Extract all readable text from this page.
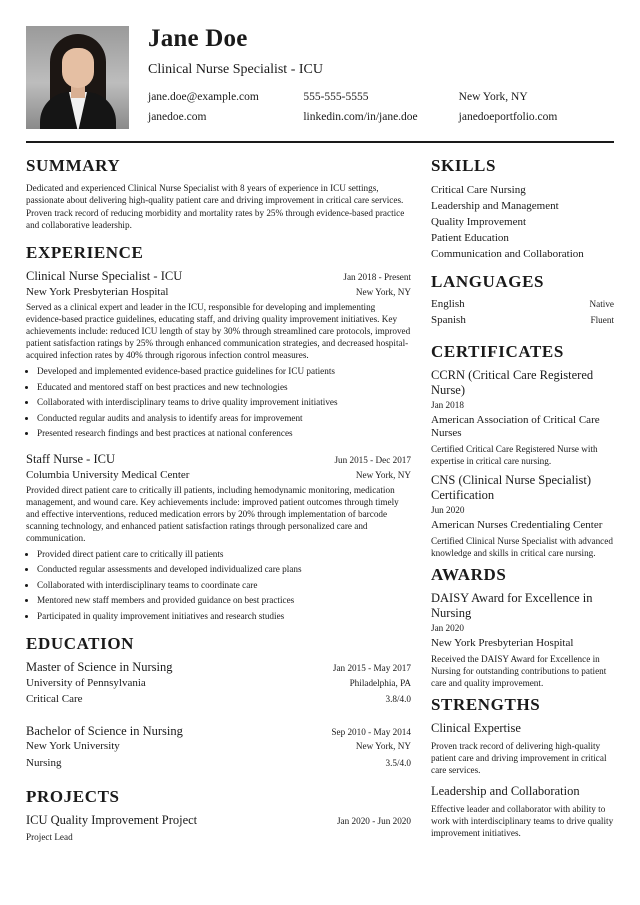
Jane Doe
Clinical Nurse Specialist - ICU
jane.doe@example.com	555-555-5555	New York, NY
janedoe.com	linkedin.com/in/jane.doe	janedoeportfolio.com
SUMMARY

Dedicated and experienced Clinical Nurse Specialist with 8 years of experience in ICU settings, passionate about delivering high-quality patient care and driving improvement in critical care services. Proven track record of reducing morbidity and mortality rates by 25% through evidence-based practice and collaborative leadership.

EXPERIENCE
Clinical Nurse Specialist - ICU	Jan 2018 - Present
New York Presbyterian Hospital	New York, NY

Served as a clinical expert and leader in the ICU, responsible for developing and implementing evidence-based practice guidelines, educating staff, and driving quality improvement initiatives. Key achievements include: reduced ICU length of stay by 30% through streamlined care protocols, improved patient satisfaction ratings by 25% through enhanced communication strategies, and decreased hospital-acquired infection rates by 40% through rigorous infection control measures.

• Developed and implemented evidence-based practice guidelines for ICU patients
• Educated and mentored staff on best practices and new technologies
• Collaborated with interdisciplinary teams to drive quality improvement initiatives
• Conducted regular audits and analysis to identify areas for improvement
• Presented research findings and best practices at national conferences
Staff Nurse - ICU	Jun 2015 - Dec 2017
Columbia University Medical Center	New York, NY

Provided direct patient care to critically ill patients, including hemodynamic monitoring, medication management, and wound care. Key achievements include: improved patient outcomes through timely and effective interventions, reduced medication errors by 20% through implementation of barcode scanning technology, and enhanced patient satisfaction ratings through personalized care and communication.

• Provided direct patient care to critically ill patients
• Conducted regular assessments and developed individualized care plans
• Collaborated with interdisciplinary teams to coordinate care
• Mentored new staff members and provided guidance on best practices
• Participated in quality improvement initiatives and research studies
EDUCATION
Master of Science in Nursing	Jan 2015 - May 2017
University of Pennsylvania	Philadelphia, PA
Critical Care	3.8/4.0
Bachelor of Science in Nursing	Sep 2010 - May 2014
New York University	New York, NY
Nursing	3.5/4.0
PROJECTS
ICU Quality Improvement Project	Jan 2020 - Jun 2020
Project Lead
SKILLS
Critical Care Nursing
Leadership and Management
Quality Improvement
Patient Education
Communication and Collaboration
LANGUAGES
English	Native
Spanish	Fluent
CERTIFICATES
CCRN (Critical Care Registered Nurse)
Jan 2018
American Association of Critical Care Nurses
Certified Critical Care Registered Nurse with expertise in critical care nursing.
CNS (Clinical Nurse Specialist) Certification
Jun 2020
American Nurses Credentialing Center
Certified Clinical Nurse Specialist with advanced knowledge and skills in critical care nursing.
AWARDS
DAISY Award for Excellence in Nursing
Jan 2020
New York Presbyterian Hospital
Received the DAISY Award for Excellence in Nursing for outstanding contributions to patient care and quality improvement.
STRENGTHS
Clinical Expertise
Proven track record of delivering high-quality patient care and driving improvement in critical care services.
Leadership and Collaboration
Effective leader and collaborator with ability to work with interdisciplinary teams to drive quality improvement initiatives.
